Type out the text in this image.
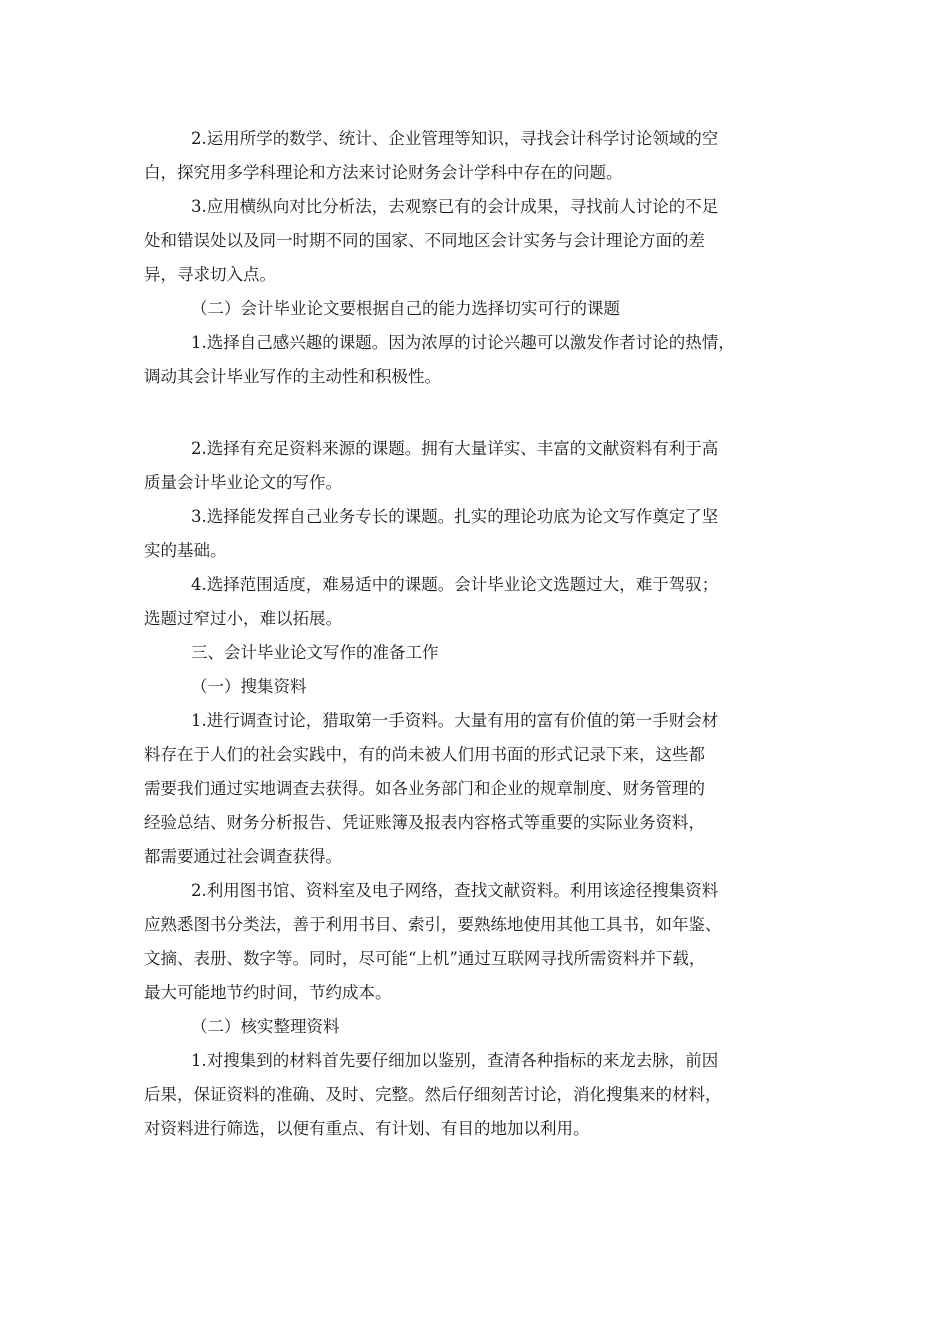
2.运用所学的数学、统计、企业管理等知识，寻找会计科学讨论领域的空
白，探究用多学科理论和方法来讨论财务会计学科中存在的问题。
3.应用横纵向对比分析法，去观察已有的会计成果，寻找前人讨论的不足
处和错误处以及同一时期不同的国家、不同地区会计实务与会计理论方面的差
异，寻求切入点。
（二）会计毕业论文要根据自己的能力选择切实可行的课题
1.选择自己感兴趣的课题。因为浓厚的讨论兴趣可以激发作者讨论的热情，
调动其会计毕业写作的主动性和积极性。
2.选择有充足资料来源的课题。拥有大量详实、丰富的文献资料有利于高
质量会计毕业论文的写作。
3.选择能发挥自己业务专长的课题。扎实的理论功底为论文写作奠定了坚
实的基础。
4.选择范围适度，难易适中的课题。会计毕业论文选题过大，难于驾驭；
选题过窄过小，难以拓展。
三、会计毕业论文写作的准备工作
（一）搜集资料
1.进行调查讨论，猎取第一手资料。大量有用的富有价值的第一手财会材
料存在于人们的社会实践中，有的尚未被人们用书面的形式记录下来，这些都
需要我们通过实地调查去获得。如各业务部门和企业的规章制度、财务管理的
经验总结、财务分析报告、凭证账簿及报表内容格式等重要的实际业务资料，
都需要通过社会调查获得。
2.利用图书馆、资料室及电子网络，查找文献资料。利用该途径搜集资料
应熟悉图书分类法，善于利用书目、索引，要熟练地使用其他工具书，如年鉴、
文摘、表册、数字等。同时，尽可能“上机”通过互联网寻找所需资料并下载，
最大可能地节约时间，节约成本。
（二）核实整理资料
1.对搜集到的材料首先要仔细加以鉴别，查清各种指标的来龙去脉，前因
后果，保证资料的准确、及时、完整。然后仔细刻苦讨论，消化搜集来的材料，
对资料进行筛选，以便有重点、有计划、有目的地加以利用。
